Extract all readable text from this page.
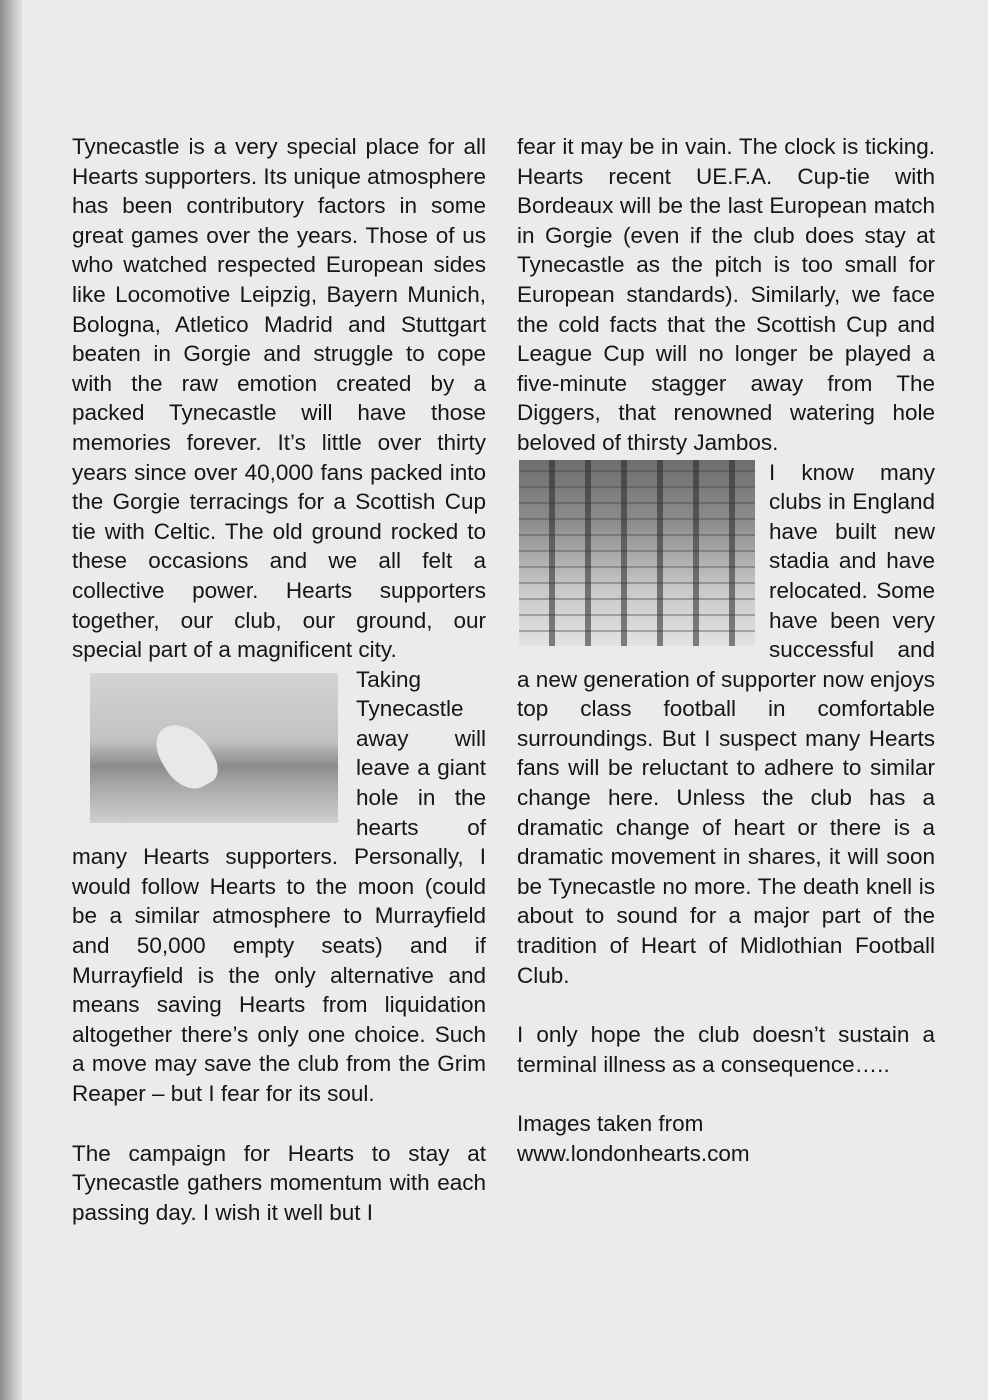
Tynecastle is a very special place for all Hearts supporters. Its unique atmosphere has been contributory factors in some great games over the years. Those of us who watched respected European sides like Locomotive Leipzig, Bayern Munich, Bologna, Atletico Madrid and Stuttgart beaten in Gorgie and struggle to cope with the raw emotion created by a packed Tynecastle will have those memories forever. It’s little over thirty years since over 40,000 fans packed into the Gorgie terracings for a Scottish Cup tie with Celtic. The old ground rocked to these occasions and we all felt a collective power. Hearts supporters together, our club, our ground, our special part of a magnificent city.

Taking Tynecastle away will leave a giant hole in the hearts of many Hearts supporters. Personally, I would follow Hearts to the moon (could be a similar atmosphere to Murrayfield and 50,000 empty seats) and if Murrayfield is the only alternative and means saving Hearts from liquidation altogether there’s only one choice. Such a move may save the club from the Grim Reaper – but I fear for its soul.

The campaign for Hearts to stay at Tynecastle gathers momentum with each passing day. I wish it well but I

fear it may be in vain. The clock is ticking. Hearts recent UE.F.A. Cup-tie with Bordeaux will be the last European match in Gorgie (even if the club does stay at Tynecastle as the pitch is too small for European standards). Similarly, we face the cold facts that the Scottish Cup and League Cup will no longer be played a five-minute stagger away from The Diggers, that renowned watering hole beloved of thirsty Jambos.

I know many clubs in England have built new stadia and have relocated. Some have been very successful and a new generation of supporter now enjoys top class football in comfortable surroundings. But I suspect many Hearts fans will be reluctant to adhere to similar change here. Unless the club has a dramatic change of heart or there is a dramatic movement in shares, it will soon be Tynecastle no more. The death knell is about to sound for a major part of the tradition of Heart of Midlothian Football Club.

I only hope the club doesn’t sustain a terminal illness as a consequence…..

Images taken from

www.londonhearts.com
